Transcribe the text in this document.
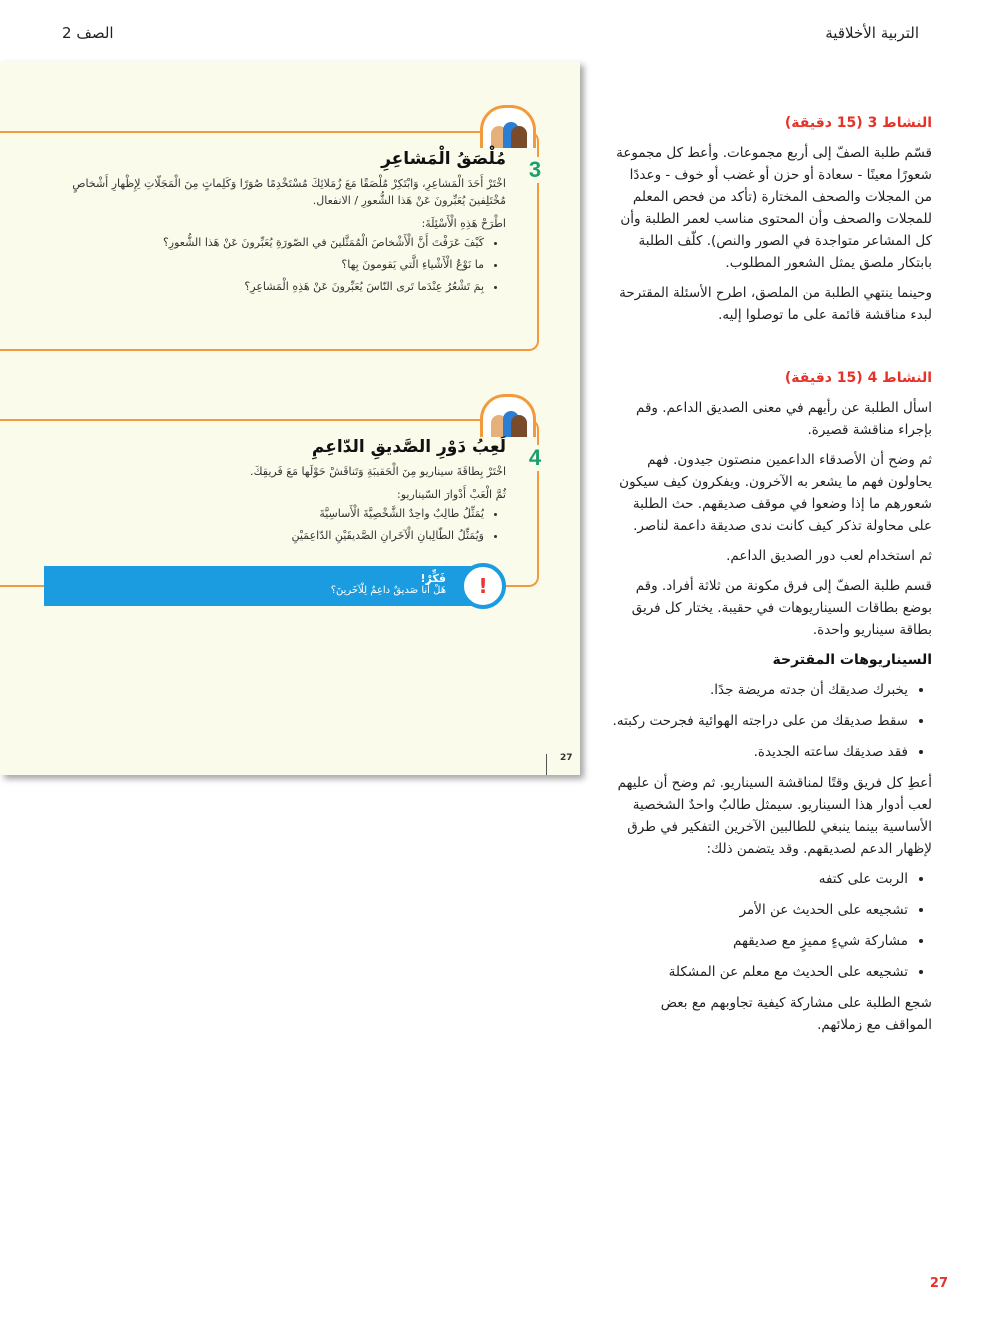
التربية الأخلاقية
الصف 2
3
مُلْصَقُ الْمَشاعِرِ

اخْتَرْ أَحَدَ الْمَشاعِرِ، وَابْتَكِرْ مُلْصَقًا مَعَ زُمَلائِكَ مُسْتَخْدِمًا صُوَرًا وَكَلِماتٍ مِنَ الْمَجَلّاتِ لِإِظْهارِ أَشْخاصٍ مُخْتَلِفينَ يُعَبِّرونَ عَنْ هَذا الشُّعورِ / الانفعال.

اطْرَحْ هَذِهِ الْأَسْئِلَةَ:

• كَيْفَ عَرَفْتَ أَنَّ الْأَشْخاصَ الْمُمَثَّلينَ في الصّورَةِ يُعَبِّرونَ عَنْ هَذا الشُّعورِ؟
• ما نَوْعُ الْأَشْياءِ الَّتي يَقومونَ بِها؟
• بِمَ تَشْعُرُ عِنْدَما تَرى النّاسَ يُعَبِّرونَ عَنْ هَذِهِ الْمَشاعِرِ؟
4
لَعِبُ دَوْرِ الصَّديقِ الدّاعِمِ

اخْتَرْ بِطاقَةَ سيناريو مِنَ الْحَقيبَةِ وَتَناقَشْ حَوْلَها مَعَ فَريقِكَ.

ثُمَّ الْعَبْ أَدْوارَ السّيناريو:

• يُمَثِّلُ طالِبٌ واحِدٌ الشَّخْصِيَّةَ الْأَساسِيَّةَ
• وَيُمَثِّلُ الطّالِبانِ الْآخَرانِ الصَّديقَيْنِ الدّاعِمَيْنِ
!
فَكِّرْ!
هَلْ أَنا صَديقٌ داعِمٌ لِلْآخَرينَ؟
27
النشاط 3 (15 دقيقة)

قسّم طلبة الصفّ إلى أربع مجموعات. وأعط كل مجموعة شعورًا معينًا - سعادة أو حزن أو غضب أو خوف - وعددًا من المجلات والصحف المختارة (تأكد من فحص المعلم للمجلات والصحف وأن المحتوى مناسب لعمر الطلبة وأن كل المشاعر متواجدة في الصور والنص). كلّف الطلبة بابتكار ملصق يمثل الشعور المطلوب.

وحينما ينتهي الطلبة من الملصق، اطرح الأسئلة المقترحة لبدء مناقشة قائمة على ما توصلوا إليه.

النشاط 4 (15 دقيقة)

اسأل الطلبة عن رأيهم في معنى الصديق الداعم. وقم بإجراء مناقشة قصيرة.

ثم وضح أن الأصدقاء الداعمين منصتون جيدون. فهم يحاولون فهم ما يشعر به الآخرون. ويفكرون كيف سيكون شعورهم ما إذا وضعوا في موقف صديقهم. حث الطلبة على محاولة تذكر كيف كانت ندى صديقة داعمة لناصر.

ثم استخدام لعب دور الصديق الداعم.

قسم طلبة الصفّ إلى فرق مكونة من ثلاثة أفراد. وقم بوضع بطاقات السيناريوهات في حقيبة. يختار كل فريق بطاقة سيناريو واحدة.

السيناريوهات المقترحة
• يخبرك صديقك أن جدته مريضة جدًا.
• سقط صديقك من على دراجته الهوائية فجرحت ركبته.
• فقد صديقك ساعته الجديدة.

أعطِ كل فريق وقتًا لمناقشة السيناريو. ثم وضح أن عليهم لعب أدوار هذا السيناريو. سيمثل طالبٌ واحدٌ الشخصية الأساسية بينما ينبغي للطالبين الآخرين التفكير في طرق لإظهار الدعم لصديقهم. وقد يتضمن ذلك:

• الربت على كتفه
• تشجيعه على الحديث عن الأمر
• مشاركة شيءٍ مميزٍ مع صديقهم
• تشجيعه على الحديث مع معلم عن المشكلة

شجع الطلبة على مشاركة كيفية تجاوبهم مع بعض المواقف مع زملائهم.

27
